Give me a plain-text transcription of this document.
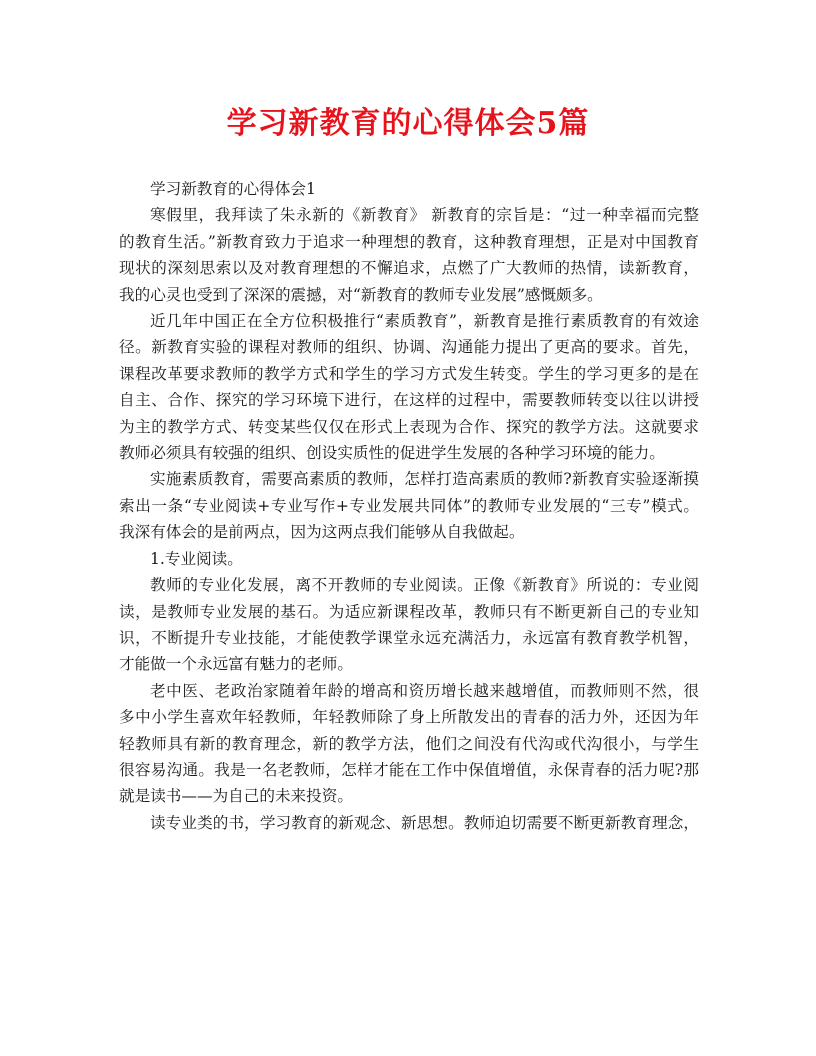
学习新教育的心得体会5篇
学习新教育的心得体会1
寒假里，我拜读了朱永新的《新教育》 新教育的宗旨是：“过一种幸福而完整
的教育生活。”新教育致力于追求一种理想的教育，这种教育理想，正是对中国教育
现状的深刻思索以及对教育理想的不懈追求，点燃了广大教师的热情，读新教育，
我的心灵也受到了深深的震撼，对“新教育的教师专业发展”感慨颇多。
近几年中国正在全方位积极推行“素质教育”，新教育是推行素质教育的有效途
径。新教育实验的课程对教师的组织、协调、沟通能力提出了更高的要求。首先，
课程改革要求教师的教学方式和学生的学习方式发生转变。学生的学习更多的是在
自主、合作、探究的学习环境下进行，在这样的过程中，需要教师转变以往以讲授
为主的教学方式、转变某些仅仅在形式上表现为合作、探究的教学方法。这就要求
教师必须具有较强的组织、创设实质性的促进学生发展的各种学习环境的能力。
实施素质教育，需要高素质的教师，怎样打造高素质的教师?新教育实验逐渐摸
索出一条“专业阅读+专业写作+专业发展共同体”的教师专业发展的“三专”模式。
我深有体会的是前两点，因为这两点我们能够从自我做起。
1.专业阅读。
教师的专业化发展，离不开教师的专业阅读。正像《新教育》所说的：专业阅
读，是教师专业发展的基石。为适应新课程改革，教师只有不断更新自己的专业知
识，不断提升专业技能，才能使教学课堂永远充满活力，永远富有教育教学机智，
才能做一个永远富有魅力的老师。
老中医、老政治家随着年龄的增高和资历增长越来越增值，而教师则不然，很
多中小学生喜欢年轻教师，年轻教师除了身上所散发出的青春的活力外，还因为年
轻教师具有新的教育理念，新的教学方法，他们之间没有代沟或代沟很小，与学生
很容易沟通。我是一名老教师，怎样才能在工作中保值增值，永保青春的活力呢?那
就是读书——为自己的未来投资。
读专业类的书，学习教育的新观念、新思想。教师迫切需要不断更新教育理念，
